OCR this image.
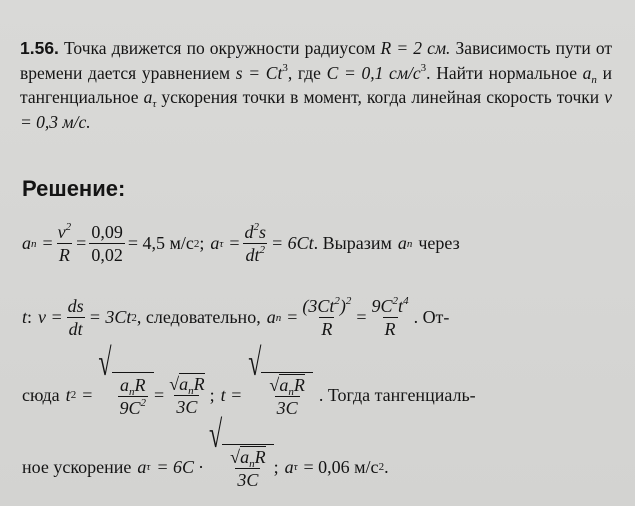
1.56. Точка движется по окружности радиусом R = 2 см. Зависимость пути от времени дается уравнением $s = Ct^3$, где C = 0,1 $см/с^3$. Найти нормальное $a_n$ и тангенциальное $a_\tau$ ускорения точки в момент, когда линейная скорость точки v = 0,3 м/с.
Решение:
a $n = \frac{v^2}{R} = \frac{0,09}{0,02} = 4,5$ м/с 2 ; a $\tau = \frac{d^2s}{dt^2} = 6Ct$ . Выразим a n через
t : $v = \frac{ds}{dt} = 3Ct$ 2 , следовательно, a $n = \frac{(3Ct^2)^2}{R} = \frac{9C^2t^4}{R}$ . От-
сюда t 2 =
√
$\frac{a_nR}{9C^2} = \frac{√a_nR}{3C}$ ; t =
√
$\frac{√a_nR}{3C}$ . Тогда тангенциаль-
ное ускорение a τ = 6C ·
√
$\frac{√a_nR}{3C}$ ; a τ = 0,06 м/с 2 .
